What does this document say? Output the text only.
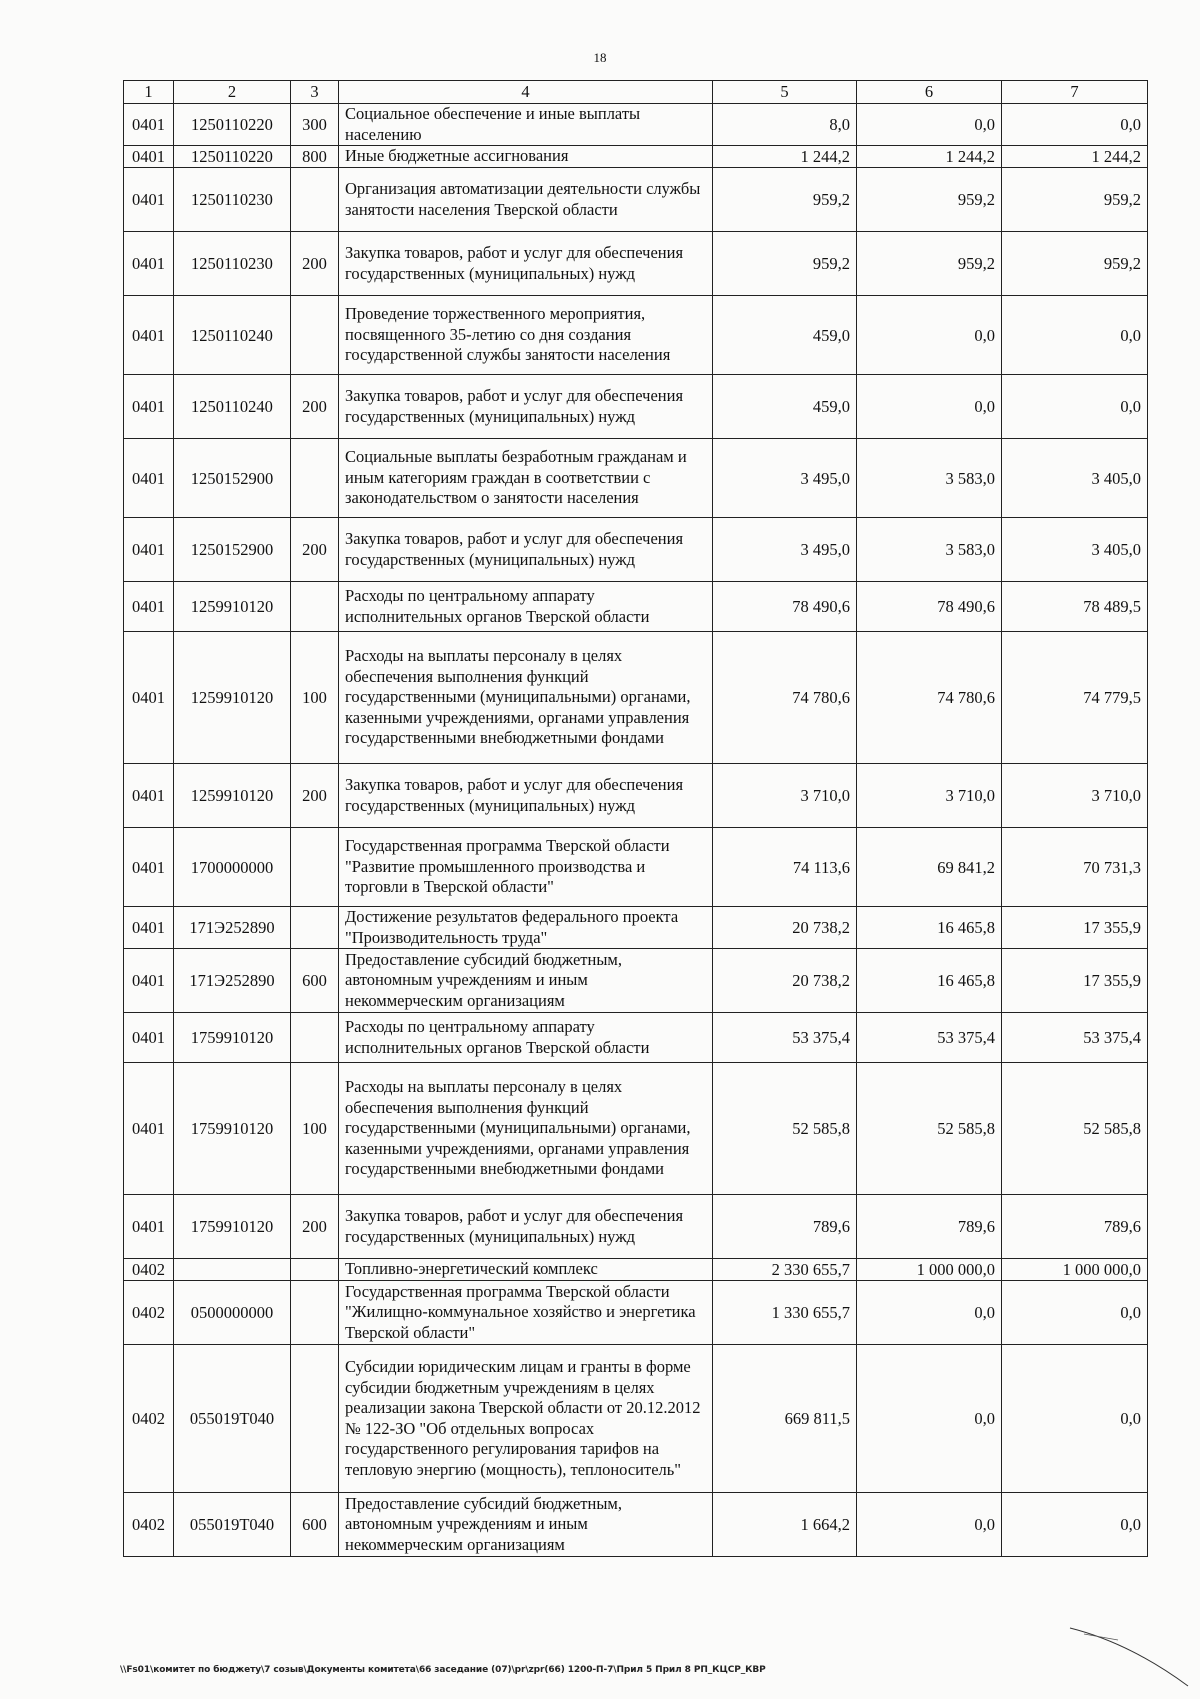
18
1	2	3	4	5	6	7
0401	1250110220	300	Социальное обеспечение и иные выплаты населению	8,0	0,0	0,0
0401	1250110220	800	Иные бюджетные ассигнования	1 244,2	1 244,2	1 244,2
0401	1250110230		Организация автоматизации деятельности службы занятости населения Тверской области	959,2	959,2	959,2
0401	1250110230	200	Закупка товаров, работ и услуг для обеспечения государственных (муниципальных) нужд	959,2	959,2	959,2
0401	1250110240		Проведение торжественного мероприятия, посвященного 35-летию со дня создания государственной службы занятости населения	459,0	0,0	0,0
0401	1250110240	200	Закупка товаров, работ и услуг для обеспечения государственных (муниципальных) нужд	459,0	0,0	0,0
0401	1250152900		Социальные выплаты безработным гражданам и иным категориям граждан в соответствии с законодательством о занятости населения	3 495,0	3 583,0	3 405,0
0401	1250152900	200	Закупка товаров, работ и услуг для обеспечения государственных (муниципальных) нужд	3 495,0	3 583,0	3 405,0
0401	1259910120		Расходы по центральному аппарату исполнительных органов Тверской области	78 490,6	78 490,6	78 489,5
0401	1259910120	100	Расходы на выплаты персоналу в целях обеспечения выполнения функций государственными (муниципальными) органами, казенными учреждениями, органами управления государственными внебюджетными фондами	74 780,6	74 780,6	74 779,5
0401	1259910120	200	Закупка товаров, работ и услуг для обеспечения государственных (муниципальных) нужд	3 710,0	3 710,0	3 710,0
0401	1700000000		Государственная программа Тверской области "Развитие промышленного производства и торговли в Тверской области"	74 113,6	69 841,2	70 731,3
0401	171Э252890		Достижение результатов федерального проекта "Производительность труда"	20 738,2	16 465,8	17 355,9
0401	171Э252890	600	Предоставление субсидий бюджетным, автономным учреждениям и иным некоммерческим организациям	20 738,2	16 465,8	17 355,9
0401	1759910120		Расходы по центральному аппарату исполнительных органов Тверской области	53 375,4	53 375,4	53 375,4
0401	1759910120	100	Расходы на выплаты персоналу в целях обеспечения выполнения функций государственными (муниципальными) органами, казенными учреждениями, органами управления государственными внебюджетными фондами	52 585,8	52 585,8	52 585,8
0401	1759910120	200	Закупка товаров, работ и услуг для обеспечения государственных (муниципальных) нужд	789,6	789,6	789,6
0402			Топливно-энергетический комплекс	2 330 655,7	1 000 000,0	1 000 000,0
0402	0500000000		Государственная программа Тверской области "Жилищно-коммунальное хозяйство и энергетика Тверской области"	1 330 655,7	0,0	0,0
0402	055019Т040		Субсидии юридическим лицам и гранты в форме субсидии бюджетным учреждениям в целях реализации закона Тверской области от 20.12.2012 № 122-ЗО "Об отдельных вопросах государственного регулирования тарифов на тепловую энергию (мощность), теплоноситель"	669 811,5	0,0	0,0
0402	055019Т040	600	Предоставление субсидий бюджетным, автономным учреждениям и иным некоммерческим организациям	1 664,2	0,0	0,0
\\Fs01\комитет по бюджету\7 созыв\Документы комитета\66 заседание (07)\pr\zpr(66) 1200-П-7\Прил 5 Прил 8 РП_КЦСР_КВР
